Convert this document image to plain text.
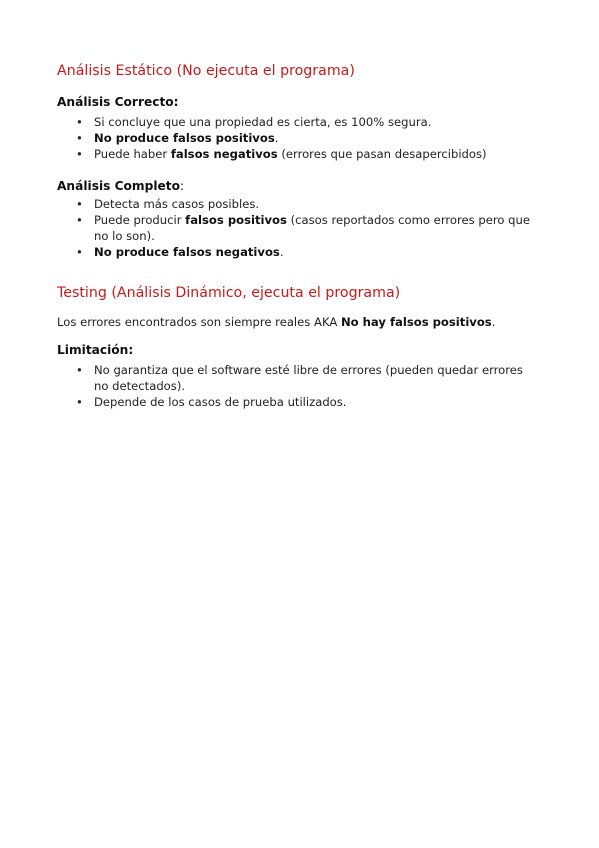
Análisis Estático (No ejecuta el programa)
Análisis Correcto:
• Si concluye que una propiedad es cierta, es 100% segura.
• No produce falsos positivos.
• Puede haber falsos negativos (errores que pasan desapercibidos)
Análisis Completo:
• Detecta más casos posibles.
• Puede producir falsos positivos (casos reportados como errores pero que no lo son).
• No produce falsos negativos.
Testing (Análisis Dinámico, ejecuta el programa)
Los errores encontrados son siempre reales AKA No hay falsos positivos.
Limitación:
• No garantiza que el software esté libre de errores (pueden quedar errores no detectados).
• Depende de los casos de prueba utilizados.
